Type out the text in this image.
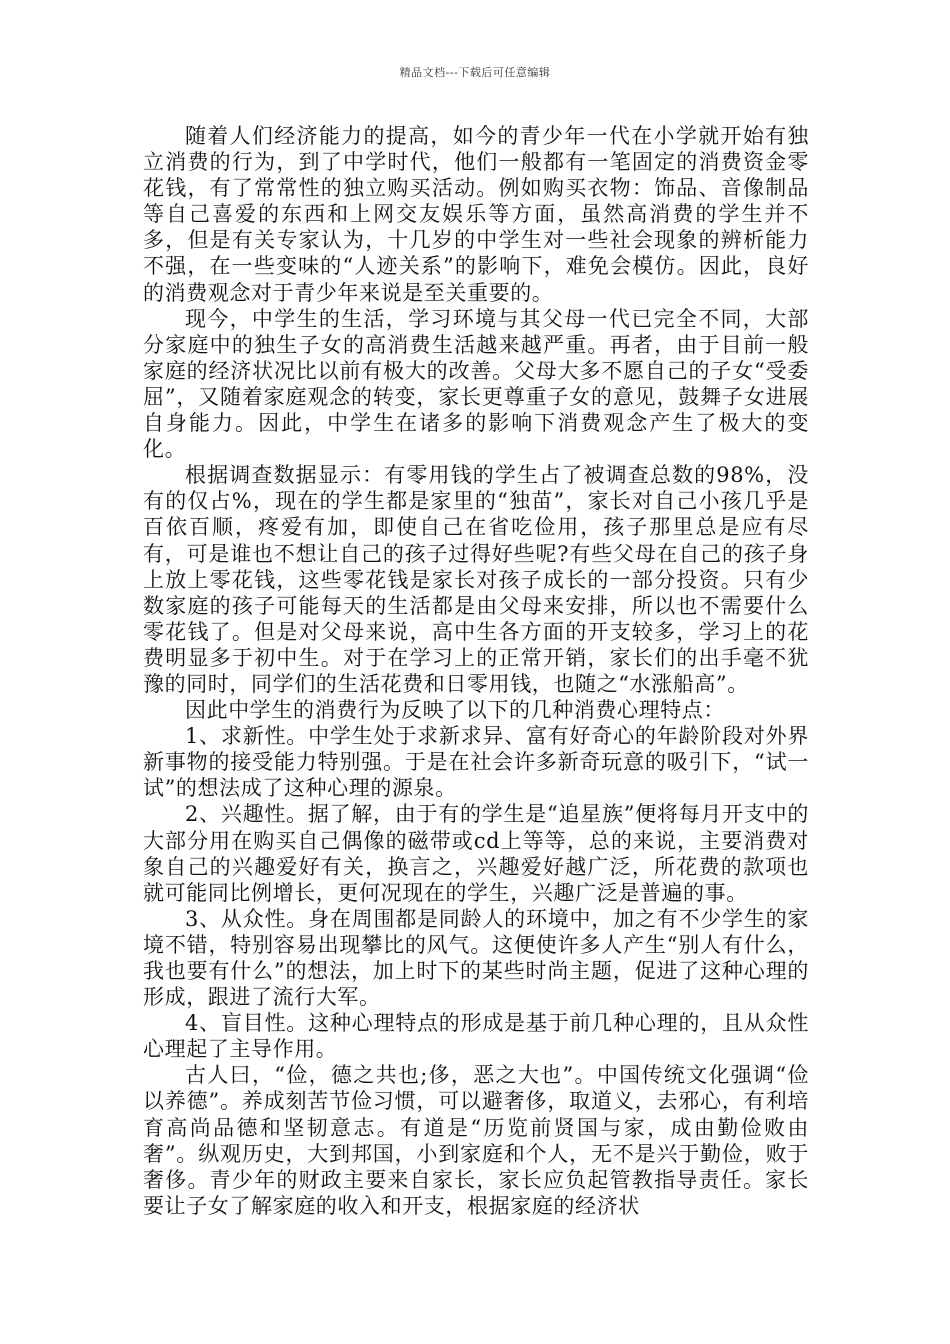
精品文档---下载后可任意编辑

随着人们经济能力的提高，如今的青少年一代在小学就开始有独立消费的行为，到了中学时代，他们一般都有一笔固定的消费资金零花钱，有了常常性的独立购买活动。例如购买衣物：饰品、音像制品等自己喜爱的东西和上网交友娱乐等方面，虽然高消费的学生并不多，但是有关专家认为，十几岁的中学生对一些社会现象的辨析能力不强，在一些变味的“人迹关系”的影响下，难免会模仿。因此，良好的消费观念对于青少年来说是至关重要的。

现今，中学生的生活，学习环境与其父母一代已完全不同，大部分家庭中的独生子女的高消费生活越来越严重。再者，由于目前一般家庭的经济状况比以前有极大的改善。父母大多不愿自己的子女“受委屈”，又随着家庭观念的转变，家长更尊重子女的意见，鼓舞子女进展自身能力。因此，中学生在诸多的影响下消费观念产生了极大的变化。

根据调查数据显示：有零用钱的学生占了被调查总数的98%，没有的仅占%，现在的学生都是家里的“独苗”，家长对自己小孩几乎是百依百顺，疼爱有加，即使自己在省吃俭用，孩子那里总是应有尽有，可是谁也不想让自己的孩子过得好些呢?有些父母在自己的孩子身上放上零花钱，这些零花钱是家长对孩子成长的一部分投资。只有少数家庭的孩子可能每天的生活都是由父母来安排，所以也不需要什么零花钱了。但是对父母来说，高中生各方面的开支较多，学习上的花费明显多于初中生。对于在学习上的正常开销，家长们的出手毫不犹豫的同时，同学们的生活花费和日零用钱，也随之“水涨船高”。

因此中学生的消费行为反映了以下的几种消费心理特点：

1、求新性。中学生处于求新求异、富有好奇心的年龄阶段对外界新事物的接受能力特别强。于是在社会许多新奇玩意的吸引下，“试一试”的想法成了这种心理的源泉。

2、兴趣性。据了解，由于有的学生是“追星族”便将每月开支中的大部分用在购买自己偶像的磁带或cd上等等，总的来说，主要消费对象自己的兴趣爱好有关，换言之，兴趣爱好越广泛，所花费的款项也就可能同比例增长，更何况现在的学生，兴趣广泛是普遍的事。

3、从众性。身在周围都是同龄人的环境中，加之有不少学生的家境不错，特别容易出现攀比的风气。这便使许多人产生“别人有什么，我也要有什么”的想法，加上时下的某些时尚主题，促进了这种心理的形成，跟进了流行大军。

4、盲目性。这种心理特点的形成是基于前几种心理的，且从众性心理起了主导作用。

古人曰，“俭，德之共也;侈，恶之大也”。中国传统文化强调“俭以养德”。养成刻苦节俭习惯，可以避奢侈，取道义，去邪心，有利培育高尚品德和坚韧意志。有道是“历览前贤国与家，成由勤俭败由奢”。纵观历史，大到邦国，小到家庭和个人，无不是兴于勤俭，败于奢侈。青少年的财政主要来自家长，家长应负起管教指导责任。家长要让子女了解家庭的收入和开支，根据家庭的经济状
